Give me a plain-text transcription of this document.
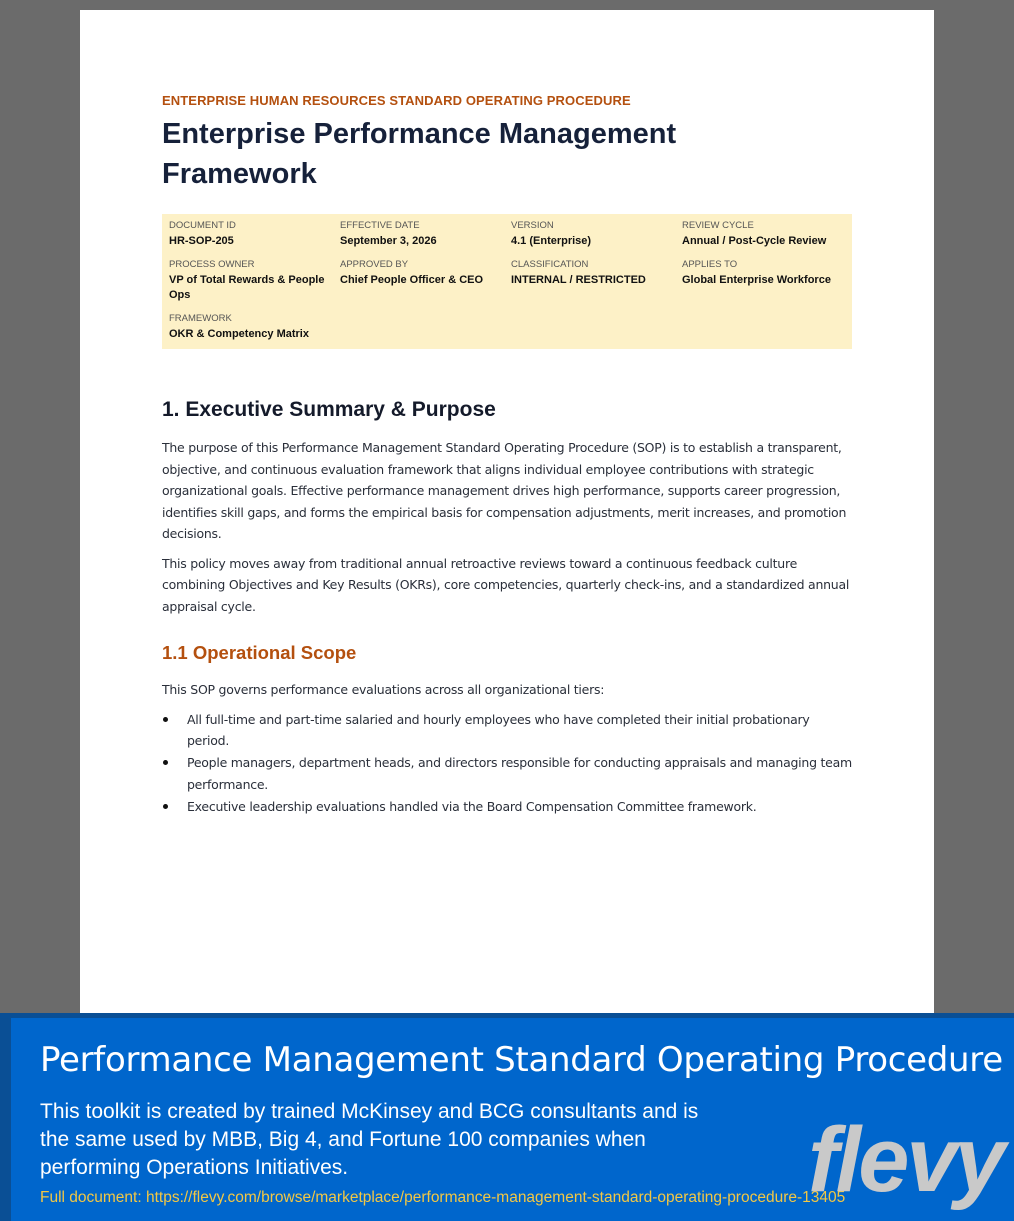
ENTERPRISE HUMAN RESOURCES STANDARD OPERATING PROCEDURE

Enterprise Performance Management Framework
DOCUMENT ID
HR-SOP-205
EFFECTIVE DATE
September 3, 2026
VERSION
4.1 (Enterprise)
REVIEW CYCLE
Annual / Post-Cycle Review
PROCESS OWNER
VP of Total Rewards & People Ops
APPROVED BY
Chief People Officer & CEO
CLASSIFICATION
INTERNAL / RESTRICTED
APPLIES TO
Global Enterprise Workforce
FRAMEWORK
OKR & Competency Matrix
1. Executive Summary & Purpose

The purpose of this Performance Management Standard Operating Procedure (SOP) is to establish a transparent, objective, and continuous evaluation framework that aligns individual employee contributions with strategic organizational goals. Effective performance management drives high performance, supports career progression, identifies skill gaps, and forms the empirical basis for compensation adjustments, merit increases, and promotion decisions.

This policy moves away from traditional annual retroactive reviews toward a continuous feedback culture combining Objectives and Key Results (OKRs), core competencies, quarterly check-ins, and a standardized annual appraisal cycle.

1.1 Operational Scope

This SOP governs performance evaluations across all organizational tiers:

All full-time and part-time salaried and hourly employees who have completed their initial probationary period.
People managers, department heads, and directors responsible for conducting appraisals and managing team performance.
Executive leadership evaluations handled via the Board Compensation Committee framework.
Performance Management Standard Operating Procedure
This toolkit is created by trained McKinsey and BCG consultants and is the same used by MBB, Big 4, and Fortune 100 companies when performing Operations Initiatives.
Full document: https://flevy.com/browse/marketplace/performance-management-standard-operating-procedure-13405
flevy
